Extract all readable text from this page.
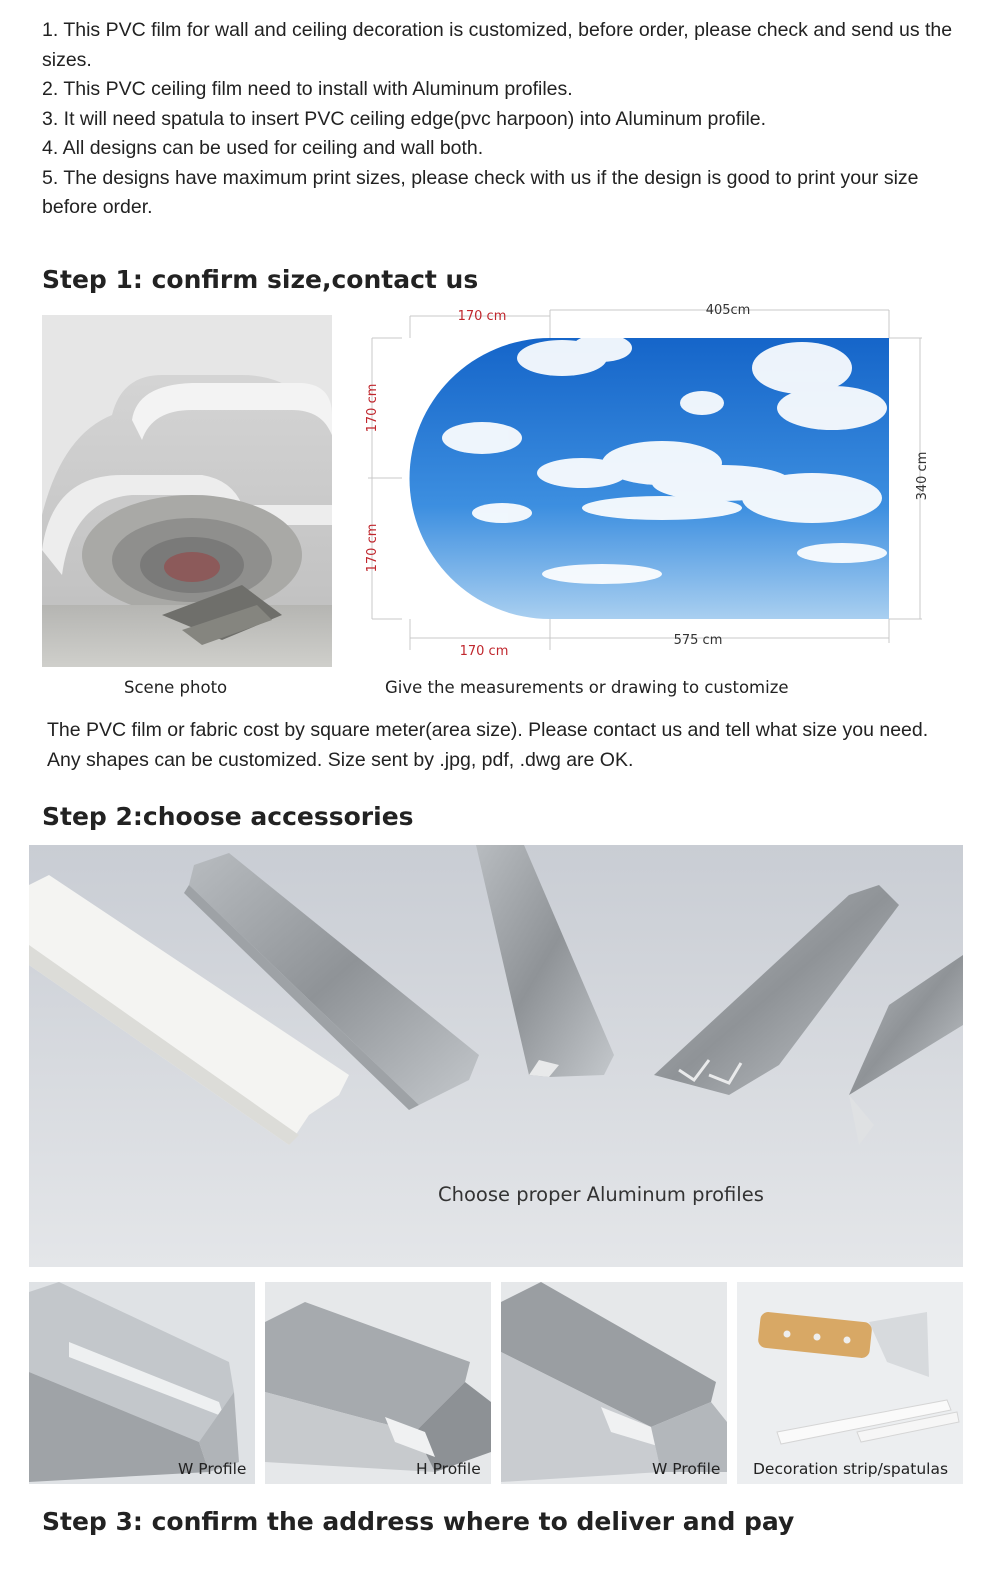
1. This PVC film for wall and ceiling decoration is customized, before order, please check and send us the sizes.

2. This PVC ceiling film need to install with Aluminum profiles.

3. It will need spatula to insert PVC ceiling edge(pvc harpoon) into Aluminum profile.

4. All designs can be used for ceiling and wall both.

5. The designs have maximum print sizes, please check with us if the design is good to print your size before order.

Step 1: confirm size,contact us
Scene photo
170 cm	405cm
170 cm
170 cm
340 cm
170 cm
575 cm
Give the measurements or drawing to customize

The PVC film or fabric cost by square meter(area size). Please contact us and tell what size you need.

Any shapes can be customized. Size sent by .jpg, pdf, .dwg are OK.

Step 2:choose accessories
Choose proper Aluminum profiles
W Profile	H Profile	W Profile Decoration strip/spatulas
Step 3: confirm the address where to deliver and pay
